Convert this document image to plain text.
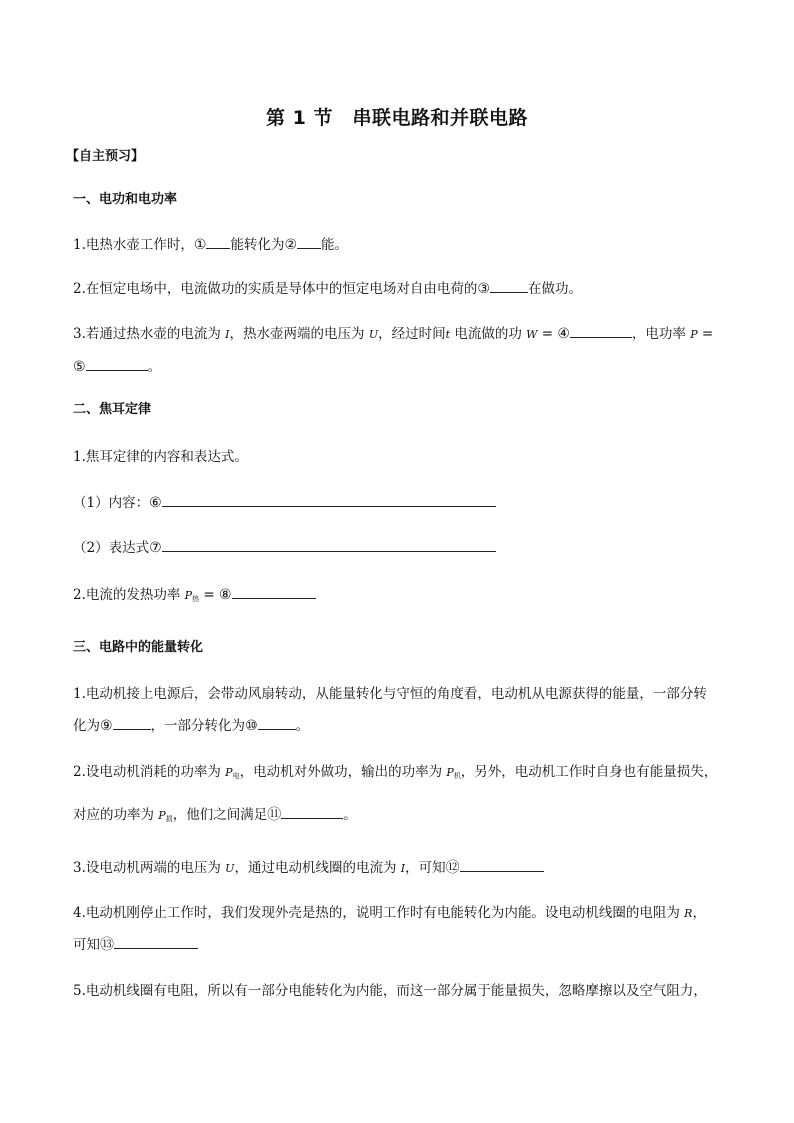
第 1 节　串联电路和并联电路
【自主预习】
一、电功和电功率
1.电热水壶工作时，① 能转化为② 能。
2.在恒定电场中，电流做功的实质是导体中的恒定电场对自由电荷的③	在做功。
3.若通过热水壶的电流为 I，热水壶两端的电压为 U，经过时间t 电流做的功 W = ④	，电功率 P =
⑤	。
二、焦耳定律
1.焦耳定律的内容和表达式。
（1）内容：⑥
（2）表达式⑦
2.电流的发热功率 $P_热$ = ⑧
三、电路中的能量转化
1.电动机接上电源后，会带动风扇转动，从能量转化与守恒的角度看，电动机从电源获得的能量，一部分转
化为⑨	，一部分转化为⑩	。
2.设电动机消耗的功率为 $P_电$，电动机对外做功，输出的功率为 $P_机$，另外，电动机工作时自身也有能量损失，
对应的功率为 $P_损$，他们之间满足⑪	。
3.设电动机两端的电压为 U，通过电动机线圈的电流为 I，可知⑫
4.电动机刚停止工作时，我们发现外壳是热的，说明工作时有电能转化为内能。设电动机线圈的电阻为 R，
可知⑬
5.电动机线圈有电阻，所以有一部分电能转化为内能，而这一部分属于能量损失，忽略摩擦以及空气阻力，
